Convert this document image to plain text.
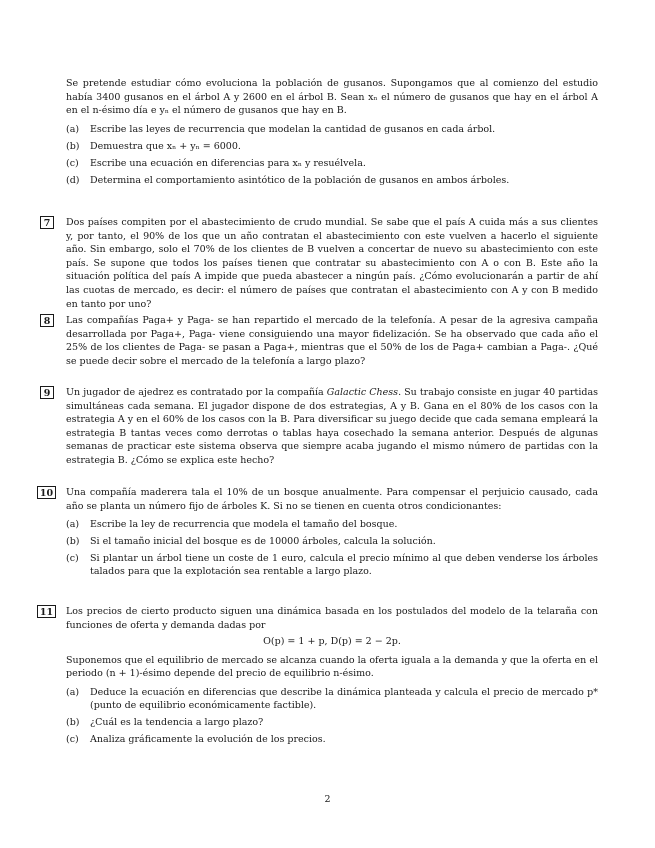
Se pretende estudiar cómo evoluciona la población de gusanos. Supongamos que al comienzo del estudio había 3400 gusanos en el árbol A y 2600 en el árbol B. Sean xₙ el número de gusanos que hay en el árbol A en el n-ésimo día e yₙ el número de gusanos que hay en B.
(a) Escribe las leyes de recurrencia que modelan la cantidad de gusanos en cada árbol.
(b) Demuestra que xₙ + yₙ = 6000.
(c) Escribe una ecuación en diferencias para xₙ y resuélvela.
(d) Determina el comportamiento asintótico de la población de gusanos en ambos árboles.
7	Dos países compiten por el abastecimiento de crudo mundial. Se sabe que el país A cuida más a sus clientes y, por tanto, el 90% de los que un año contratan el abastecimiento con este vuelven a hacerlo el siguiente año. Sin embargo, solo el 70% de los clientes de B vuelven a concertar de nuevo su abastecimiento con este país. Se supone que todos los países tienen que contratar su abastecimiento con A o con B. Este año la situación política del país A impide que pueda abastecer a ningún país. ¿Cómo evolucionarán a partir de ahí las cuotas de mercado, es decir: el número de países que contratan el abastecimiento con A y con B medido en tanto por uno?
8	Las compañías Paga+ y Paga- se han repartido el mercado de la telefonía. A pesar de la agresiva campaña desarrollada por Paga+, Paga- viene consiguiendo una mayor fidelización. Se ha observado que cada año el 25% de los clientes de Paga- se pasan a Paga+, mientras que el 50% de los de Paga+ cambian a Paga-. ¿Qué se puede decir sobre el mercado de la telefonía a largo plazo?
9	Un jugador de ajedrez es contratado por la compañía Galactic Chess. Su trabajo consiste en jugar 40 partidas simultáneas cada semana. El jugador dispone de dos estrategias, A y B. Gana en el 80% de los casos con la estrategia A y en el 60% de los casos con la B. Para diversificar su juego decide que cada semana empleará la estrategia B tantas veces como derrotas o tablas haya cosechado la semana anterior. Después de algunas semanas de practicar este sistema observa que siempre acaba jugando el mismo número de partidas con la estrategia B. ¿Cómo se explica este hecho?
10	Una compañía maderera tala el 10% de un bosque anualmente. Para compensar el perjuicio causado, cada año se planta un número fijo de árboles K. Si no se tienen en cuenta otros condicionantes:
(a) Escribe la ley de recurrencia que modela el tamaño del bosque.
(b) Si el tamaño inicial del bosque es de 10000 árboles, calcula la solución.
(c) Si plantar un árbol tiene un coste de 1 euro, calcula el precio mínimo al que deben venderse los árboles talados para que la explotación sea rentable a largo plazo.
11	Los precios de cierto producto siguen una dinámica basada en los postulados del modelo de la telaraña con funciones de oferta y demanda dadas por
O(p) = 1 + p, D(p) = 2 − 2p.
Suponemos que el equilibrio de mercado se alcanza cuando la oferta iguala a la demanda y que la oferta en el periodo (n + 1)-ésimo depende del precio de equilibrio n-ésimo.
(a) Deduce la ecuación en diferencias que describe la dinámica planteada y calcula el precio de mercado p* (punto de equilibrio económicamente factible).
(b) ¿Cuál es la tendencia a largo plazo?
(c) Analiza gráficamente la evolución de los precios.
2
